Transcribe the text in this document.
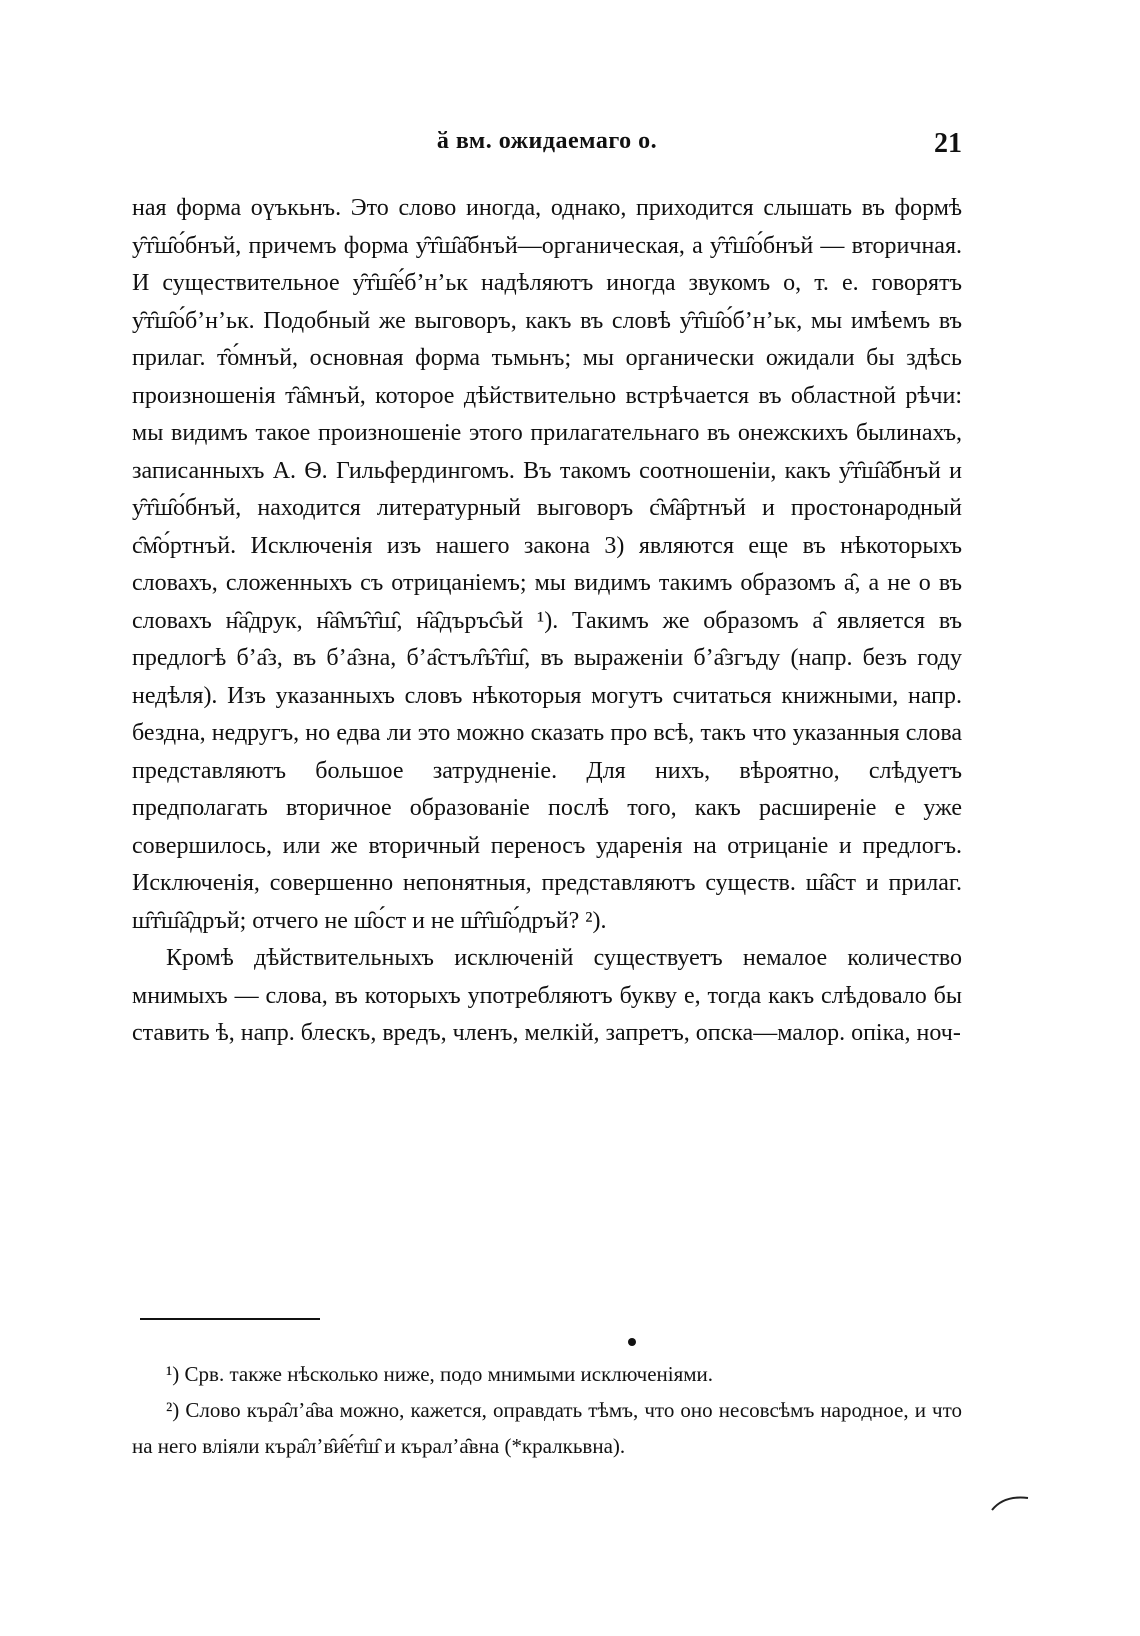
ӑ вм. ожидаемаго о.	21

ная форма оүъкьнъ. Это слово иногда, однако, приходится слышать въ формѣ у̑т̑ш̑о́бнъй, причемъ форма у̑т̑ш̑а̑бнъй—органическая, а у̑т̑ш̑о́бнъй — вторичная. И существительное у̑т̑ш̑е́б’н’ьк надѣляютъ иногда звукомъ о, т. е. говорятъ у̑т̑ш̑о́б’н’ьк. Подобный же выговоръ, какъ въ словѣ у̑т̑ш̑о́б’н’ьк, мы имѣемъ въ прилаг. т̑о́мнъй, основная форма тьмьнъ; мы органически ожидали бы здѣсь произношенія т̑а̑мнъй, которое дѣйствительно встрѣчается въ областной рѣчи: мы видимъ такое произношеніе этого прилагательнаго въ онежскихъ былинахъ, записанныхъ А. Ѳ. Гильфердингомъ. Въ такомъ соотношеніи, какъ у̑т̑ш̑а̑бнъй и у̑т̑ш̑о́бнъй, находится литературный выговоръ с̑м̑а̑ртнъй и простонародный с̑м̑о́ртнъй. Исключенія изъ нашего закона 3) являются еще въ нѣкоторыхъ словахъ, сложенныхъ съ отрицаніемъ; мы видимъ такимъ образомъ а̑, а не о въ словахъ н̑а̑друк, н̑а̑мъ̑т̑ш̑, н̑а̑дъръс̑ьй ¹). Такимъ же образомъ а̑ является въ предлогѣ б’а̑з, въ б’а̑зна, б’а̑стъл̑ъ̑т̑ш̑, въ выраженіи б’а̑згъду (напр. безъ году недѣля). Изъ указанныхъ словъ нѣкоторыя могутъ считаться книжными, напр. бездна, недругъ, но едва ли это можно сказать про всѣ, такъ что указанныя слова представляютъ большое затрудненіе. Для нихъ, вѣроятно, слѣдуетъ предполагать вторичное образованіе послѣ того, какъ расширеніе е уже совершилось, или же вторичный переносъ ударенія на отрицаніе и предлогъ. Исключенія, совершенно непонятныя, представляютъ существ. ш̑а̑ст и прилаг. ш̑т̑ш̑а̑дръй; отчего не ш̑о́ст и не ш̑т̑ш̑о́дръй? ²).

Кромѣ дѣйствительныхъ исключеній существуетъ немалое количество мнимыхъ — слова, въ которыхъ употребляютъ букву е, тогда какъ слѣдовало бы ставить ѣ, напр. блескъ, вредъ, членъ, мелкій, запретъ, опска—малор. опіка, ноч-

¹) Срв. также нѣсколько ниже, подо мнимыми исключеніями.

²) Слово къра̑л’а̑ва можно, кажется, оправдать тѣмъ, что оно несовсѣмъ народное, и что на него вліяли къра̑л’в̑и̑е́т̑ш̑ и кърал’а̑вна (*кралкьвна).
